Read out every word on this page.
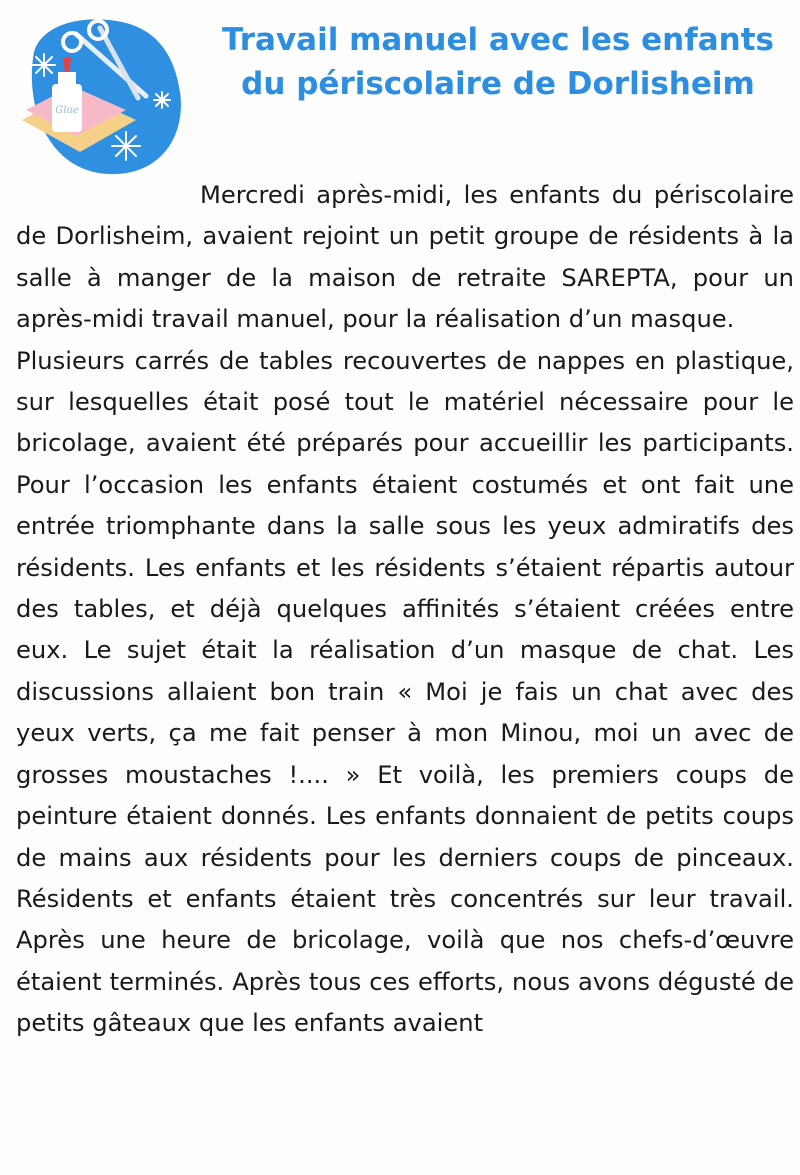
Glue
Travail manuel avec les enfants
du périscolaire de Dorlisheim

Mercredi après-midi, les enfants du périscolaire de Dorlisheim, avaient rejoint un petit groupe de résidents à la salle à manger de la maison de retraite SAREPTA, pour un après-midi travail manuel, pour la réalisation d’un masque.

Plusieurs carrés de tables recouvertes de nappes en plastique, sur lesquelles était posé tout le matériel nécessaire pour le bricolage, avaient été préparés pour accueillir les participants. Pour l’occasion les enfants étaient costumés et ont fait une entrée triomphante dans la salle sous les yeux admiratifs des résidents. Les enfants et les résidents s’étaient répartis autour des tables, et déjà quelques affinités s’étaient créées entre eux. Le sujet était la réalisation d’un masque de chat. Les discussions allaient bon train « Moi je fais un chat avec des yeux verts, ça me fait penser à mon Minou, moi un avec de grosses moustaches !.... » Et voilà, les premiers coups de peinture étaient donnés. Les enfants donnaient de petits coups de mains aux résidents pour les derniers coups de pinceaux. Résidents et enfants étaient très concentrés sur leur travail. Après une heure de bricolage, voilà que nos chefs-d’œuvre étaient terminés. Après tous ces efforts, nous avons dégusté de petits gâteaux que les enfants avaient
